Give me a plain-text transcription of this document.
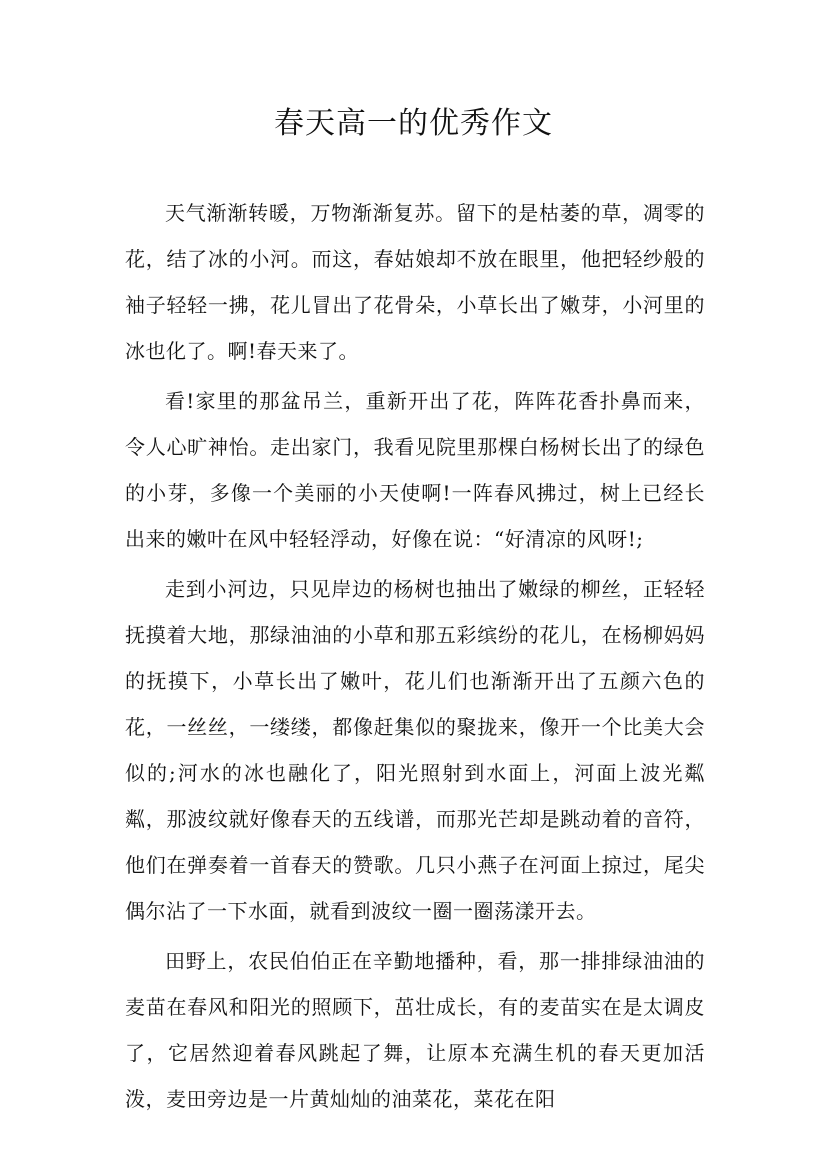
春天高一的优秀作文

天气渐渐转暖，万物渐渐复苏。留下的是枯萎的草，凋零的花，结了冰的小河。而这，春姑娘却不放在眼里，他把轻纱般的袖子轻轻一拂，花儿冒出了花骨朵，小草长出了嫩芽，小河里的冰也化了。啊!春天来了。

看!家里的那盆吊兰，重新开出了花，阵阵花香扑鼻而来，令人心旷神怡。走出家门，我看见院里那棵白杨树长出了的绿色的小芽，多像一个美丽的小天使啊!一阵春风拂过，树上已经长出来的嫩叶在风中轻轻浮动，好像在说：“好清凉的风呀!;

走到小河边，只见岸边的杨树也抽出了嫩绿的柳丝，正轻轻抚摸着大地，那绿油油的小草和那五彩缤纷的花儿，在杨柳妈妈的抚摸下，小草长出了嫩叶，花儿们也渐渐开出了五颜六色的花，一丝丝，一缕缕，都像赶集似的聚拢来，像开一个比美大会似的;河水的冰也融化了，阳光照射到水面上，河面上波光粼粼，那波纹就好像春天的五线谱，而那光芒却是跳动着的音符，他们在弹奏着一首春天的赞歌。几只小燕子在河面上掠过，尾尖偶尔沾了一下水面，就看到波纹一圈一圈荡漾开去。

田野上，农民伯伯正在辛勤地播种，看，那一排排绿油油的麦苗在春风和阳光的照顾下，茁壮成长，有的麦苗实在是太调皮了，它居然迎着春风跳起了舞，让原本充满生机的春天更加活泼，麦田旁边是一片黄灿灿的油菜花，菜花在阳
